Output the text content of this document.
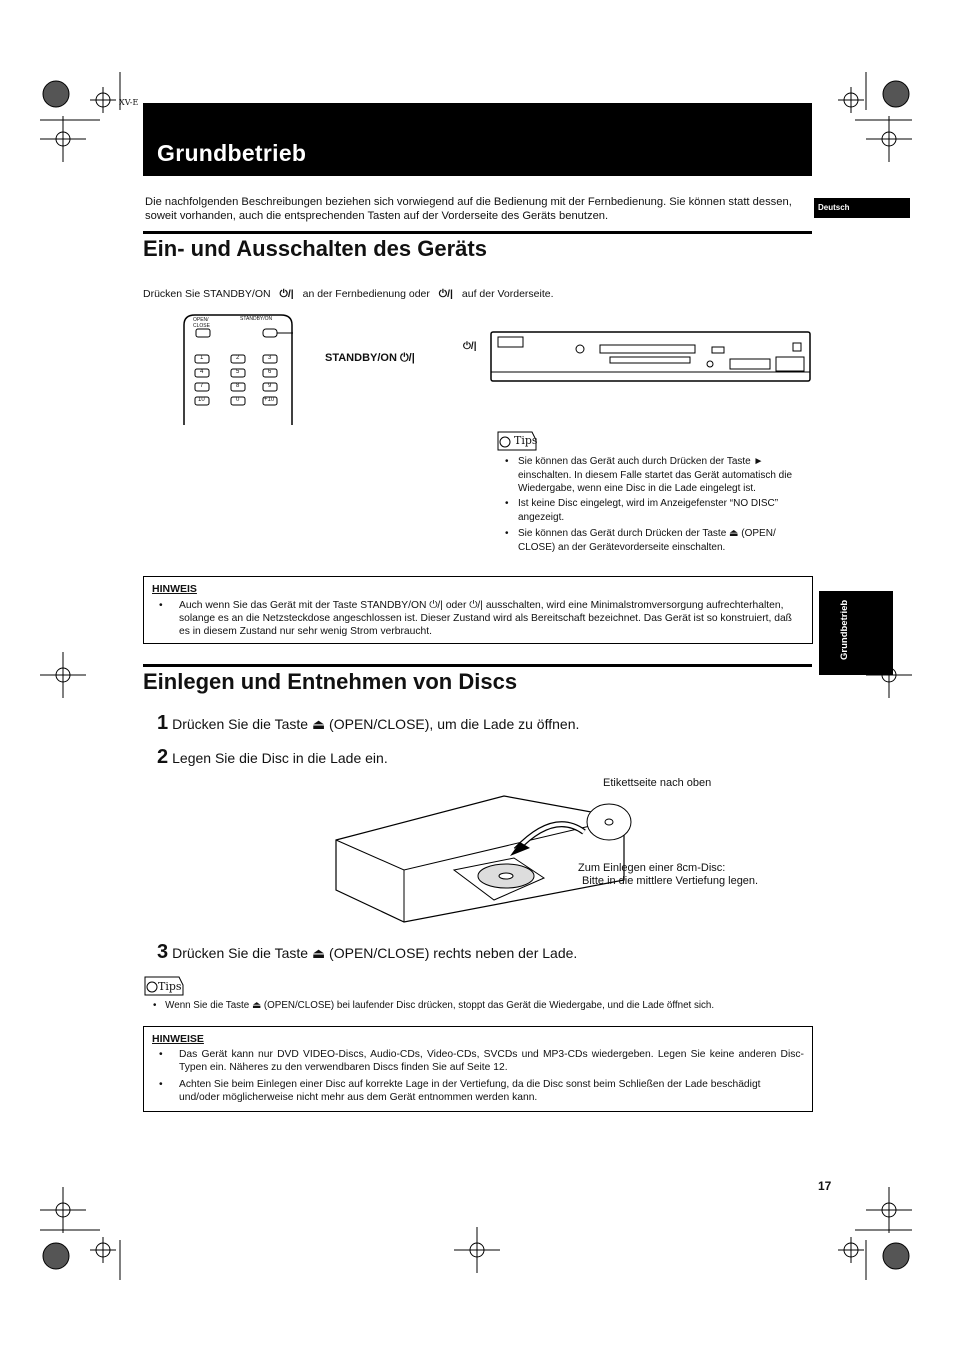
XV-E
Grundbetrieb
Deutsch
Die nachfolgenden Beschreibungen beziehen sich vorwiegend auf die Bedienung mit der Fernbedienung. Sie können statt dessen, soweit vorhanden, auch die entsprechenden Tasten auf der Vorderseite des Geräts benutzen.
Ein- und Ausschalten des Geräts
Drücken Sie STANDBY/ON ⏻/| an der Fernbedienung oder ⏻/| auf der Vorderseite.
OPEN/ CLOSE
STANDBY/ON
1	2	3
4	5	6
7	8	9
10	0	+10
STANDBY/ON ⏻/|
⏻/|
Tips
• Sie können das Gerät auch durch Drücken der Taste ► einschalten. In diesem Falle startet das Gerät automatisch die Wiedergabe, wenn eine Disc in die Lade eingelegt ist.
• Ist keine Disc eingelegt, wird im Anzeigefenster “NO DISC” angezeigt.
• Sie können das Gerät durch Drücken der Taste ⏏ (OPEN/ CLOSE) an der Gerätevorderseite einschalten.
HINWEIS
• Auch wenn Sie das Gerät mit der Taste STANDBY/ON ⏻/| oder ⏻/| ausschalten, wird eine Minimalstromversorgung aufrechterhalten, solange es an die Netzsteckdose angeschlossen ist. Dieser Zustand wird als Bereitschaft bezeichnet. Das Gerät ist so konstruiert, daß es in diesem Zustand nur sehr wenig Strom verbraucht.	Grundbetrieb
Einlegen und Entnehmen von Discs
1 Drücken Sie die Taste ⏏ (OPEN/CLOSE), um die Lade zu öffnen.
2 Legen Sie die Disc in die Lade ein.
Etikettseite nach oben
Zum Einlegen einer 8cm-Disc:
Bitte in die mittlere Vertiefung legen.
3 Drücken Sie die Taste ⏏ (OPEN/CLOSE) rechts neben der Lade.
Tips
• Wenn Sie die Taste ⏏ (OPEN/CLOSE) bei laufender Disc drücken, stoppt das Gerät die Wiedergabe, und die Lade öffnet sich.
HINWEISE
• Das Gerät kann nur DVD VIDEO-Discs, Audio-CDs, Video-CDs, SVCDs und MP3-CDs wiedergeben. Legen Sie keine anderen Disc-Typen ein. Näheres zu den verwendbaren Discs finden Sie auf Seite 12.
• Achten Sie beim Einlegen einer Disc auf korrekte Lage in der Vertiefung, da die Disc sonst beim Schließen der Lade beschädigt und/oder möglicherweise nicht mehr aus dem Gerät entnommen werden kann.
17
